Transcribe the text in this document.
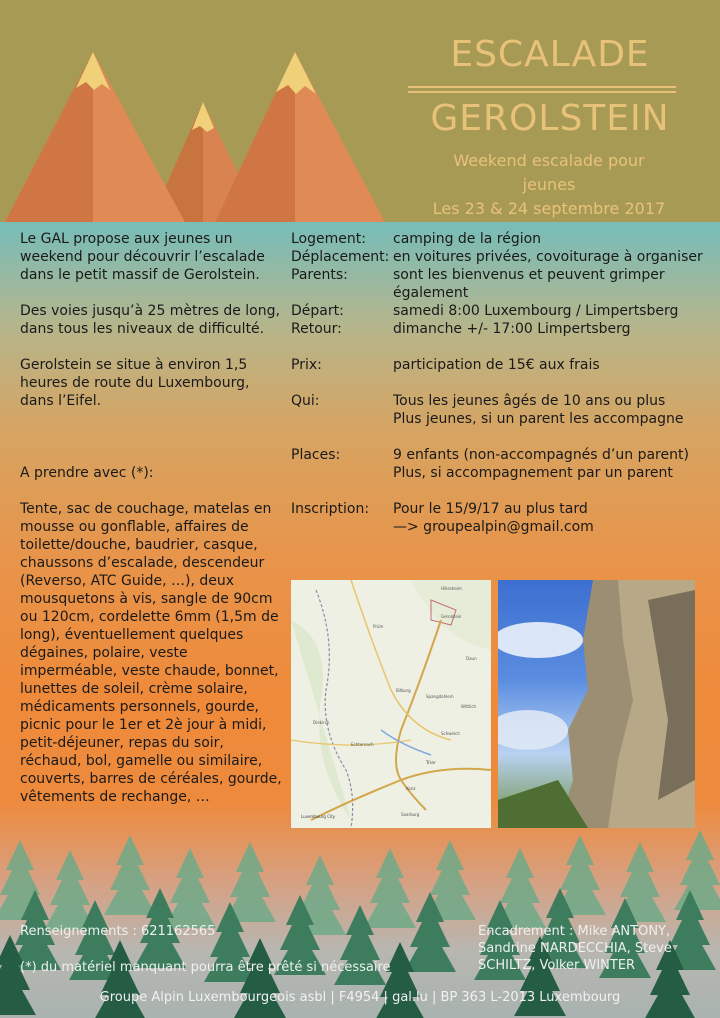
ESCALADE
GEROLSTEIN
Weekend escalade pour
jeunes
Les 23 & 24 septembre 2017

Le GAL propose aux jeunes un weekend pour découvrir l’escalade dans le petit massif de Gerolstein.

Des voies jusqu’à 25 mètres de long, dans tous les niveaux de difficulté.

Gerolstein se situe à environ 1,5 heures de route du Luxembourg, dans l’Eifel.

A prendre avec (*):

Tente, sac de couchage, matelas en mousse ou gonflable, affaires de toilette/douche, baudrier, casque, chaussons d’escalade, descendeur (Reverso, ATC Guide, …), deux mousquetons à vis, sangle de 90cm ou 120cm, cordelette 6mm (1,5m de long), éventuellement quelques dégaines, polaire, veste imperméable, veste chaude, bonnet, lunettes de soleil, crème solaire, médicaments personnels, gourde, picnic pour le 1er et 2è jour à midi, petit-déjeuner, repas du soir, réchaud, bol, gamelle ou similaire, couverts, barres de céréales, gourde, vêtements de rechange, …

Logement:	camping de la région
Déplacement: en voitures privées, covoiturage à organiser
Parents:	sont les bienvenus et peuvent grimper également
Départ:	samedi 8:00 Luxembourg / Limpertsberg
Retour:	dimanche +/- 17:00 Limpertsberg
Prix:	participation de 15€ aux frais
Qui:	Tous les jeunes âgés de 10 ans ou plus
Plus jeunes, si un parent les accompagne
Places:	9 enfants (non-accompagnés d’un parent)
Plus, si accompagnement par un parent
Inscription:	Pour le 15/9/17 au plus tard
—> groupealpin@gmail.com
Hillesheim
Gerolstein
Prüm
Daun
Bitburg
Trier
Luxembourg City
Wittlich
Spangdahlem
Echternach
Schweich
Konz
Diekirch
Saarburg
Renseignements : 621162565
(*) du matériel manquant pourra être prêté si nécessaire
Encadrement : Mike ANTONY, Sandrine NARDECCHIA, Steve SCHILTZ, Volker WINTER
Groupe Alpin Luxembourgeois asbl | F4954 | gal.lu | BP 363 L-2013 Luxembourg
